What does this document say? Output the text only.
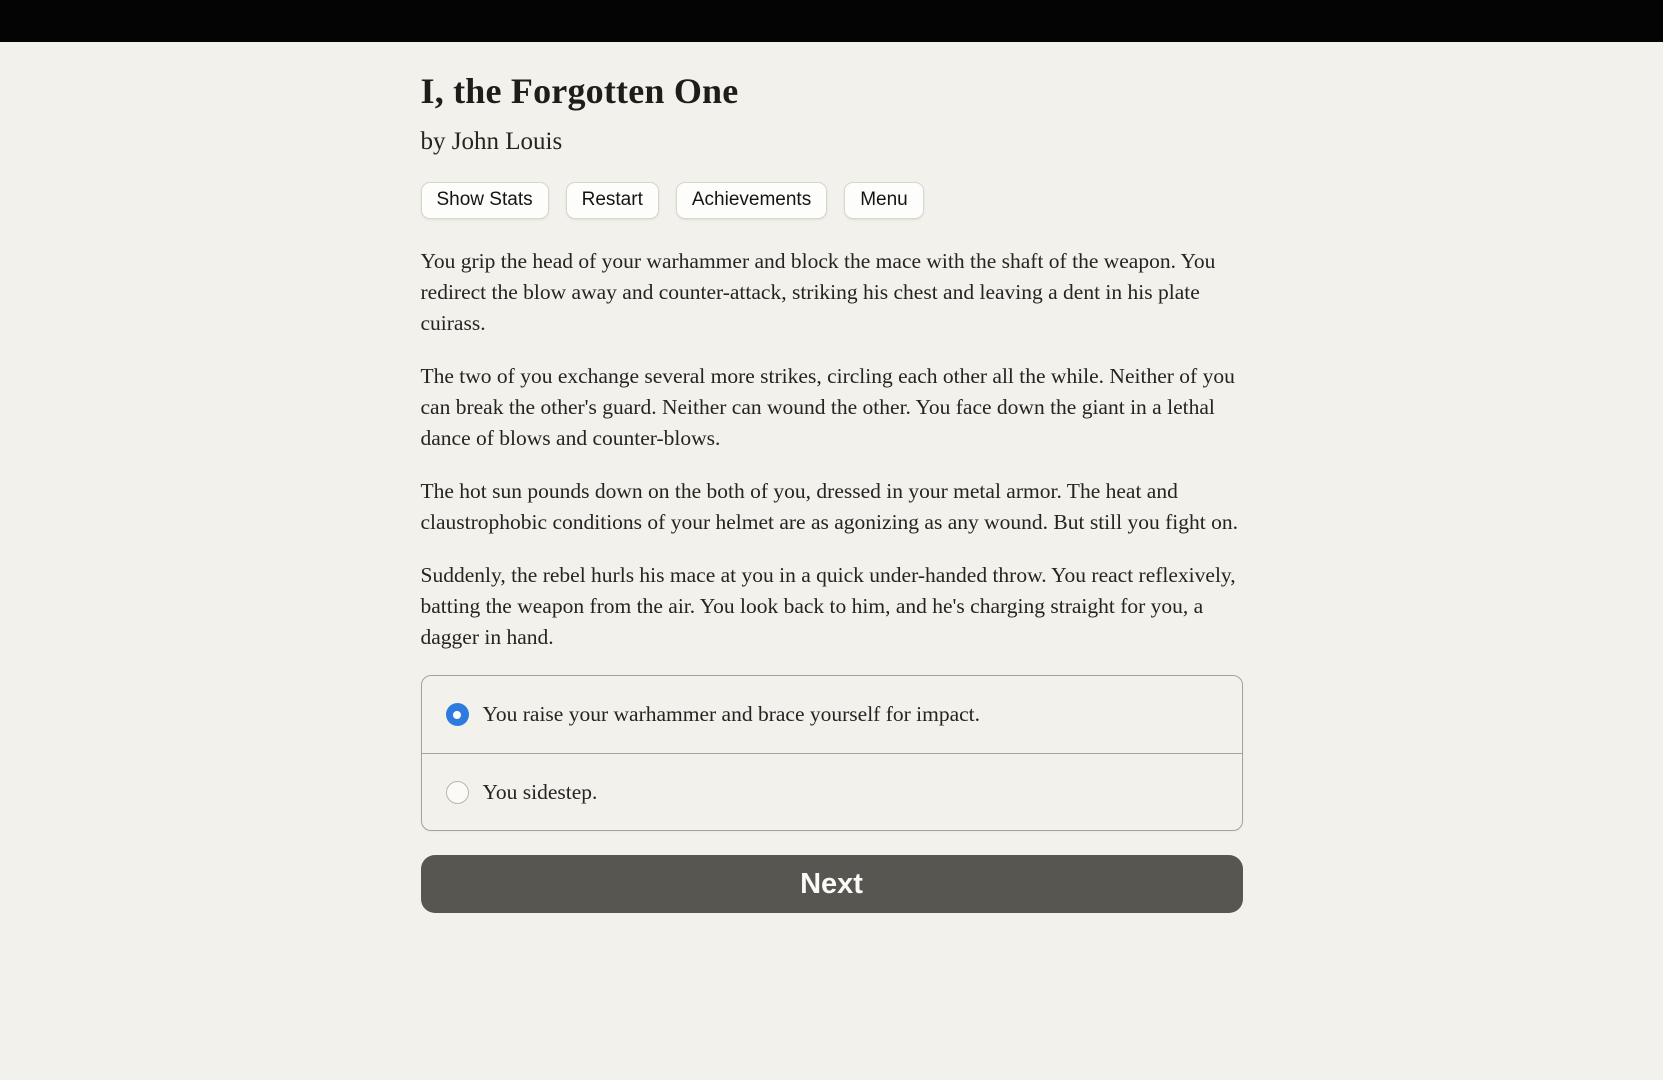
I, the Forgotten One
by John Louis
Show Stats	Restart	Achievements	Menu

You grip the head of your warhammer and block the mace with the shaft of the weapon. You redirect the blow away and counter-attack, striking his chest and leaving a dent in his plate cuirass.

The two of you exchange several more strikes, circling each other all the while. Neither of you can break the other's guard. Neither can wound the other. You face down the giant in a lethal dance of blows and counter-blows.

The hot sun pounds down on the both of you, dressed in your metal armor. The heat and claustrophobic conditions of your helmet are as agonizing as any wound. But still you fight on.

Suddenly, the rebel hurls his mace at you in a quick under-handed throw. You react reflexively, batting the weapon from the air. You look back to him, and he's charging straight for you, a dagger in hand.

You raise your warhammer and brace yourself for impact.
You sidestep.
Next
